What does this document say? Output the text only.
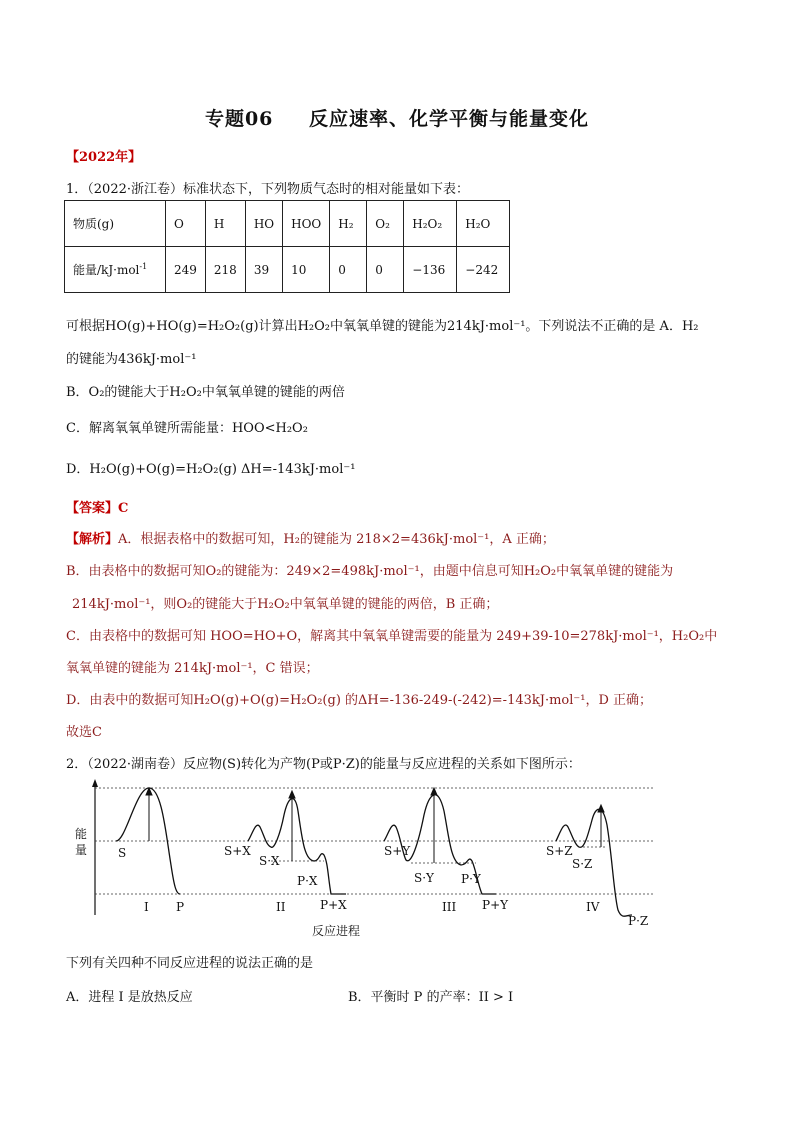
专题06 反应速率、化学平衡与能量变化
【2022年】
1．（2022·浙江卷）标准状态下，下列物质气态时的相对能量如下表：
物质(g)	O	H	HO	HOO	H₂	O₂	H₂O₂	H₂O
能量/kJ·mol$^{-1}$	249	218	39	10	0	0	−136	−242
可根据HO(g)+HO(g)=H₂O₂(g)计算出H₂O₂中氧氧单键的键能为214kJ·mol⁻¹。下列说法不正确的是 A．H₂
的键能为436kJ·mol⁻¹
B．O₂的键能大于H₂O₂中氧氧单键的键能的两倍
C．解离氧氧单键所需能量：HOO<H₂O₂
D．H₂O(g)+O(g)=H₂O₂(g) ΔH=-143kJ·mol⁻¹
【答案】C
【解析】A．根据表格中的数据可知，H₂的键能为 218×2=436kJ·mol⁻¹，A 正确；
B．由表格中的数据可知O₂的键能为：249×2=498kJ·mol⁻¹，由题中信息可知H₂O₂中氧氧单键的键能为
214kJ·mol⁻¹，则O₂的键能大于H₂O₂中氧氧单键的键能的两倍，B 正确；
C．由表格中的数据可知 HOO=HO+O，解离其中氧氧单键需要的能量为 249+39-10=278kJ·mol⁻¹，H₂O₂中
氧氧单键的键能为 214kJ·mol⁻¹，C 错误；
D．由表中的数据可知H₂O(g)+O(g)=H₂O₂(g) 的ΔH=-136-249-(-242)=-143kJ·mol⁻¹，D 正确；
故选C
2．（2022·湖南卷）反应物(S)转化为产物(P或P·Z)的能量与反应进程的关系如下图所示：
能
量	S
I P
S+X
S·X
P·X
II	P+X
S+Y
S·Y P·Y
III P+Y
S+Z
S·Z
IV
P·Z
反应进程
下列有关四种不同反应进程的说法正确的是
A．进程 I 是放热反应	B．平衡时 P 的产率：II > I
